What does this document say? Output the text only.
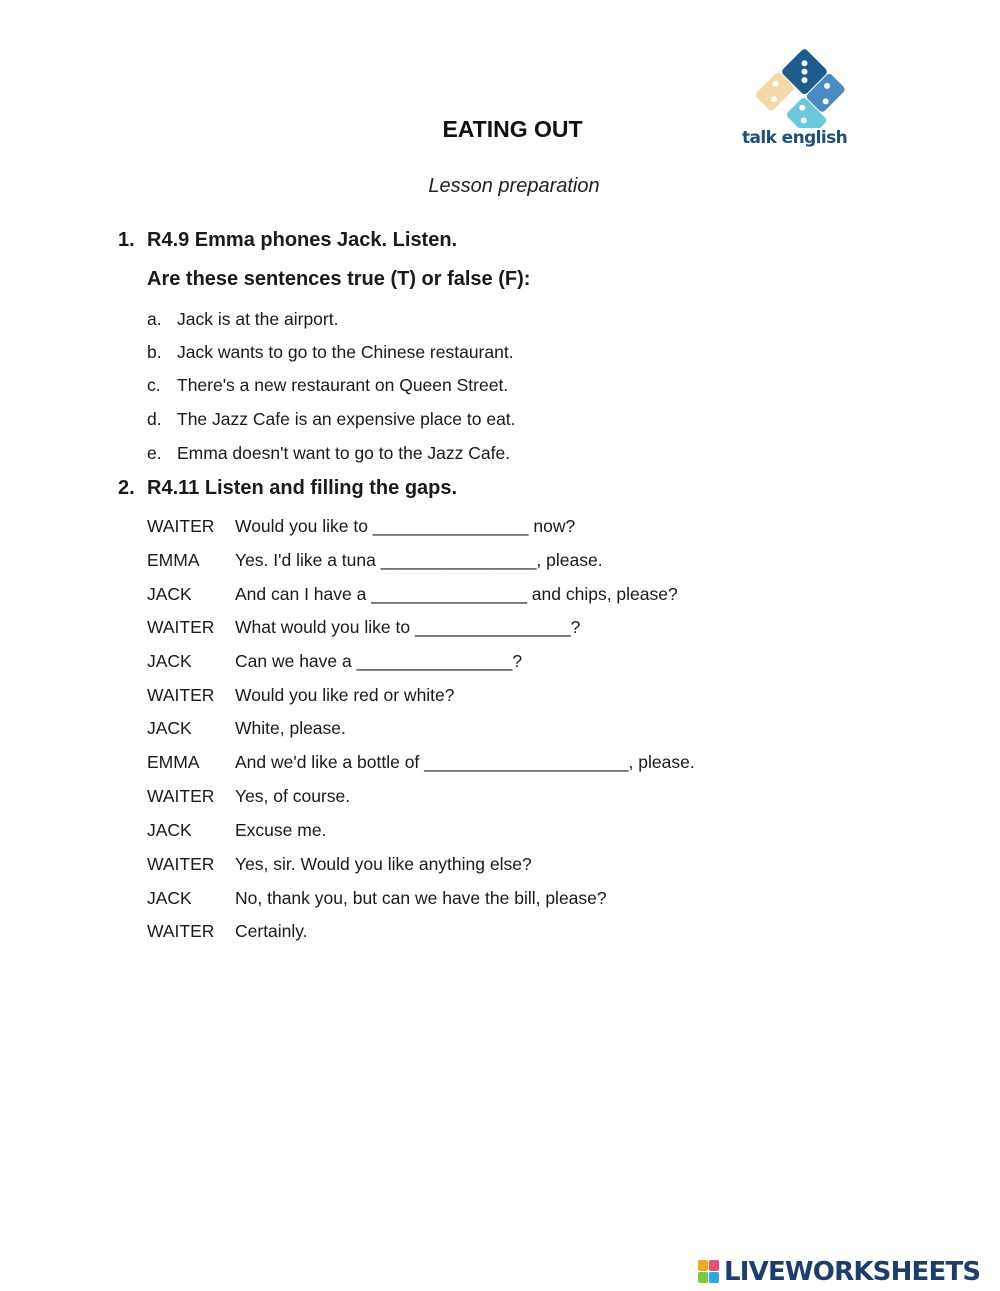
talk english
EATING OUT
Lesson preparation
1. R4.9 Emma phones Jack. Listen.
Are these sentences true (T) or false (F):
a. Jack is at the airport.
b. Jack wants to go to the Chinese restaurant.
c. There's a new restaurant on Queen Street.
d. The Jazz Cafe is an expensive place to eat.
e. Emma doesn't want to go to the Jazz Cafe.
2. R4.11 Listen and filling the gaps.
WAITER Would you like to ________________ now?
EMMA Yes. I'd like a tuna ________________, please.
JACK And can I have a ________________ and chips, please?
WAITER What would you like to ________________?
JACK Can we have a ________________?
WAITER Would you like red or white?
JACK White, please.
EMMA And we'd like a bottle of _____________________, please.
WAITER Yes, of course.
JACK Excuse me.
WAITER Yes, sir. Would you like anything else?
JACK No, thank you, but can we have the bill, please?
WAITER Certainly.
LIVEWORKSHEETS
